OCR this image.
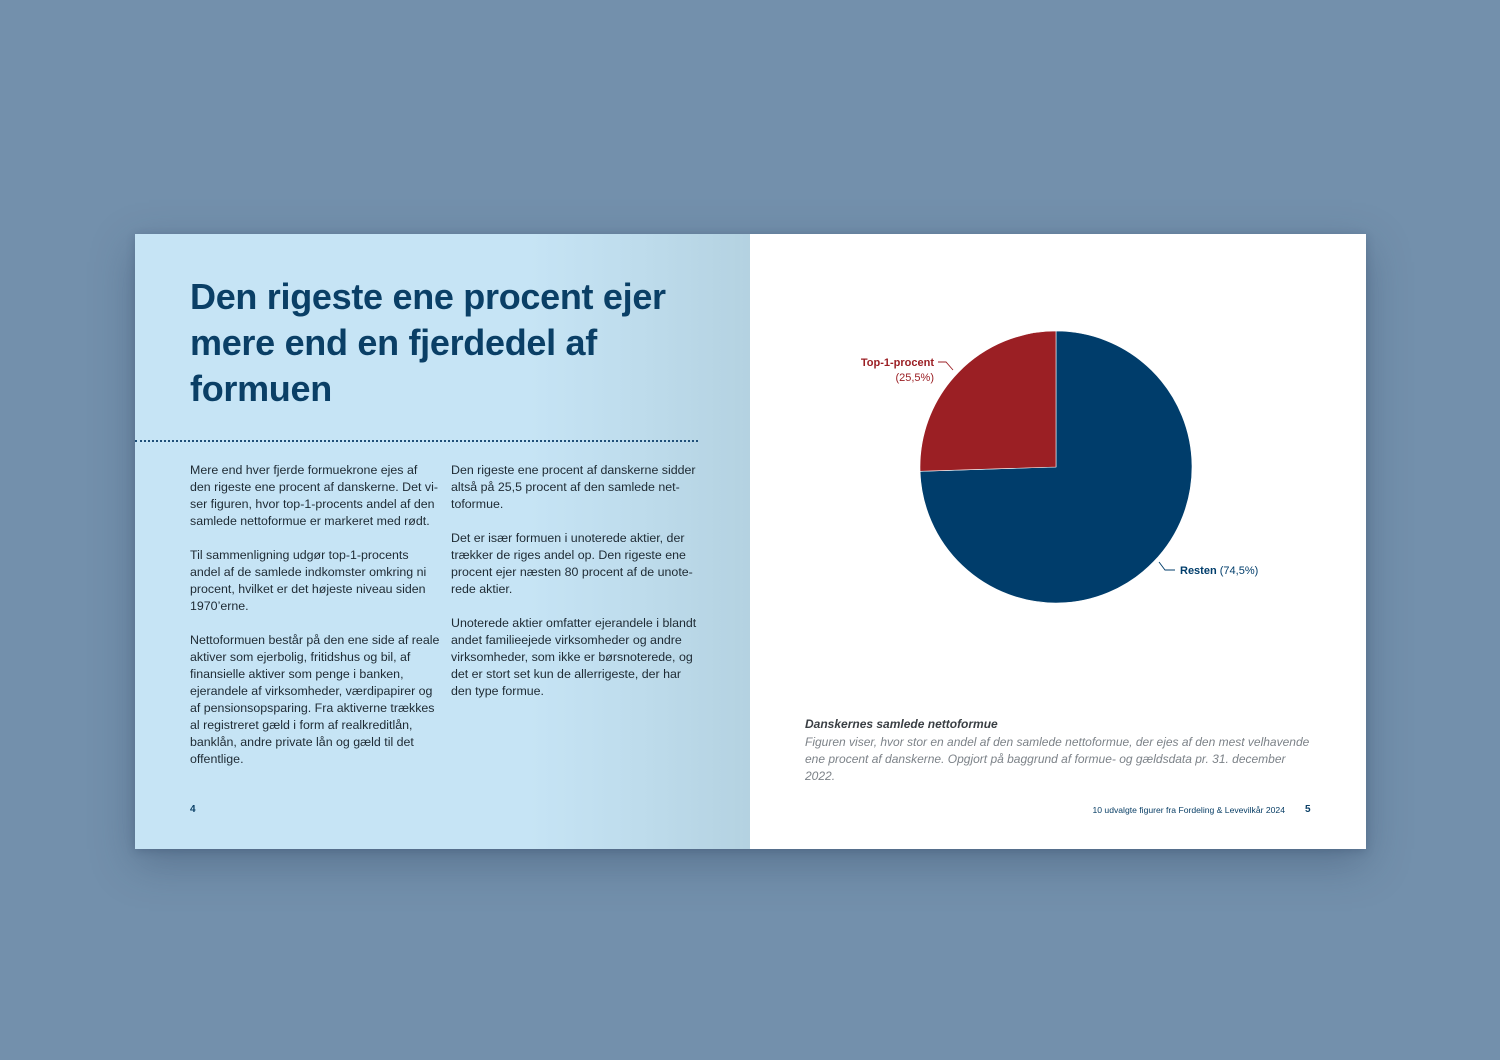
Den rigeste ene procent ejer mere end en fjerdedel af formuen

Mere end hver fjerde formuekrone ejes af den rigeste ene procent af danskerne. Det viser figuren, hvor top-1-procents andel af den samlede nettoformue er markeret med rødt.

Til sammenligning udgør top-1-procents andel af de samlede indkomster omkring ni procent, hvilket er det højeste niveau siden 1970’erne.

Nettoformuen består på den ene side af reale aktiver som ejerbolig, fritidshus og bil, af finansielle aktiver som penge i banken, ejerandele af virksomheder, værdipapirer og af pensionsopsparing. Fra aktiverne trækkes al registreret gæld i form af realkreditlån, banklån, andre private lån og gæld til det offentlige.

Den rigeste ene procent af danskerne sidder altså på 25,5 procent af den samlede nettoformue.

Det er især formuen i unoterede aktier, der trækker de riges andel op. Den rigeste ene procent ejer næsten 80 procent af de unoterede aktier.

Unoterede aktier omfatter ejerandele i blandt andet familieejede virksomheder og andre virksomheder, som ikke er børsnoterede, og det er stort set kun de allerrigeste, der har den type formue.

4
Top-1-procent
(25,5%)
Resten (74,5%)
Danskernes samlede nettoformue
Figuren viser, hvor stor en andel af den samlede nettoformue, der ejes af den mest velhavende ene procent af danskerne. Opgjort på baggrund af formue- og gældsdata pr. 31. december 2022.
10 udvalgte figurer fra Fordeling & Levevilkår 2024 5
